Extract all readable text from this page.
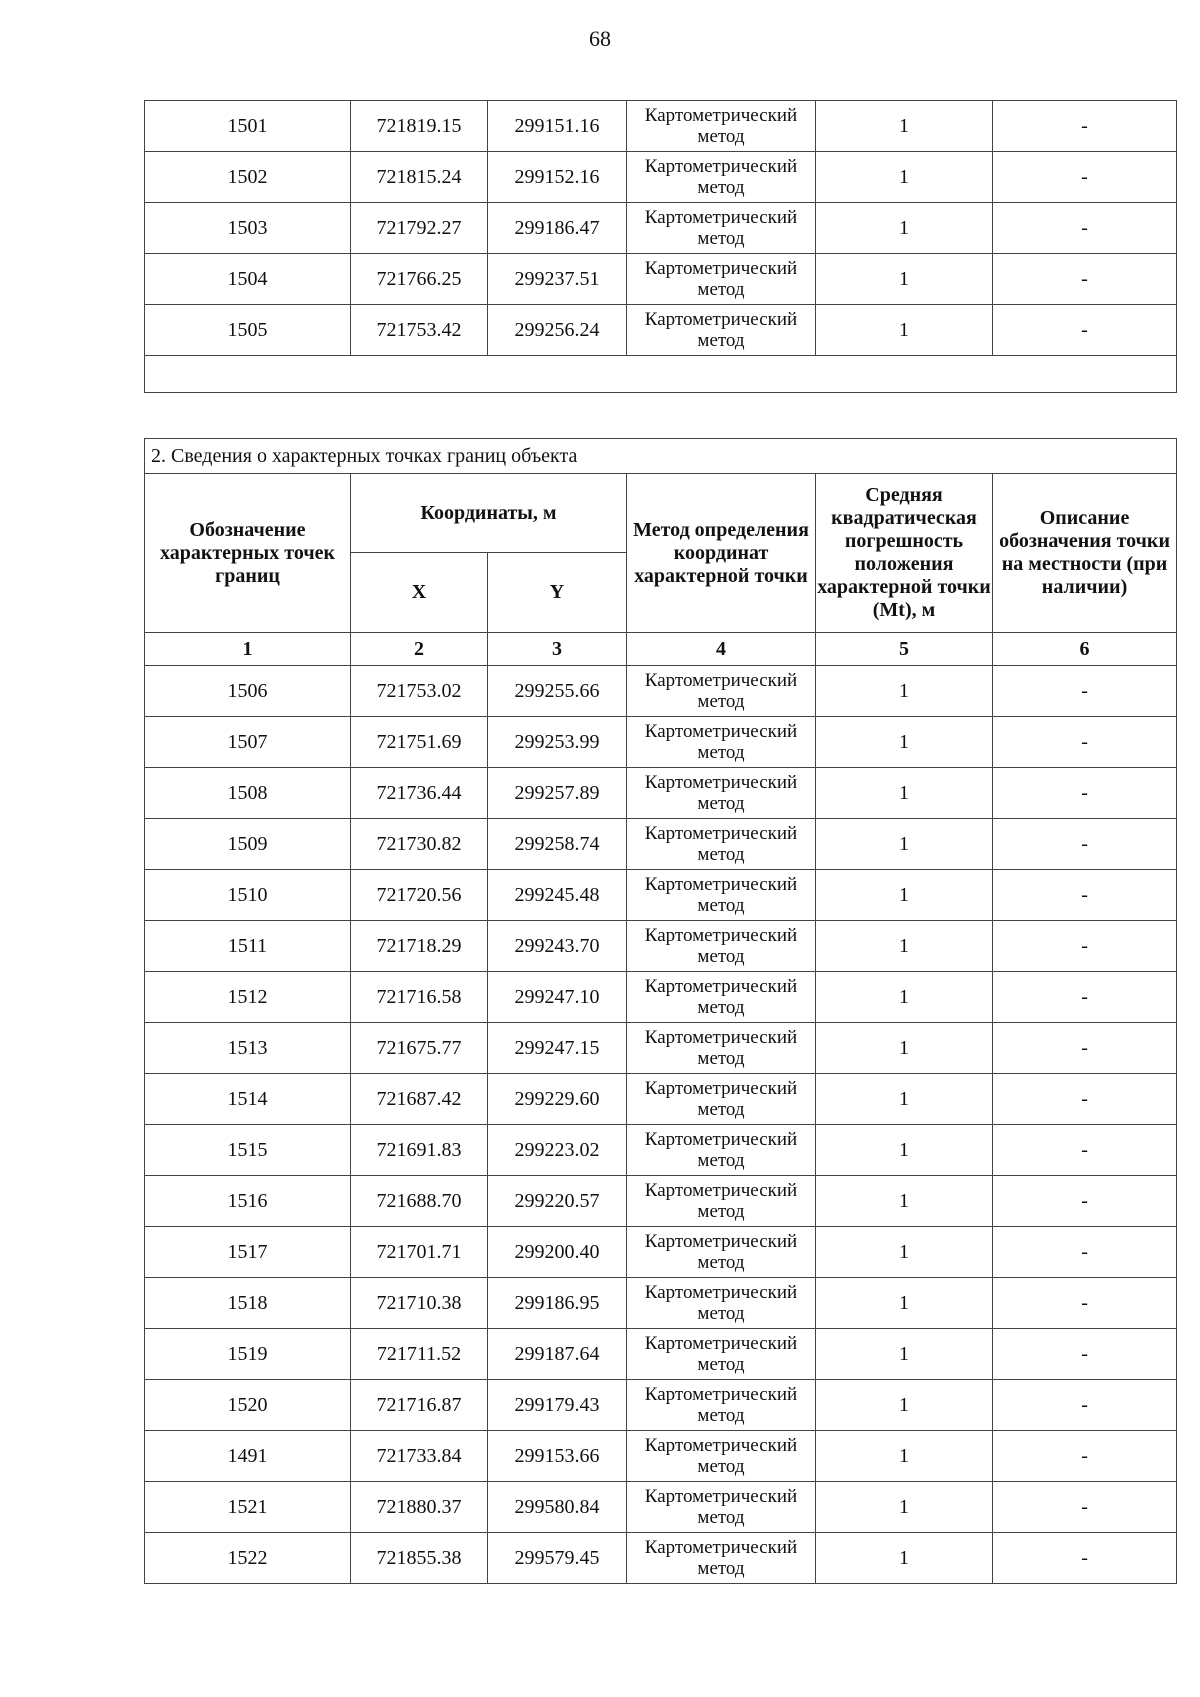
68
1501	721819.15	299151.16	Картометрический метод	1	-
1502	721815.24	299152.16	Картометрический метод	1	-
1503	721792.27	299186.47	Картометрический метод	1	-
1504	721766.25	299237.51	Картометрический метод	1	-
1505	721753.42	299256.24	Картометрический метод	1	-

2. Сведения о характерных точках границ объекта					
Обозначение характерных точек границ	Координаты, м		Метод определения координат характерной точки	Средняя квадратическая погрешность положения характерной точки (Mt), м	Описание обозначения точки на местности (при наличии)
	X	Y			
1	2	3	4	5	6
1506	721753.02	299255.66	Картометрический метод	1	-
1507	721751.69	299253.99	Картометрический метод	1	-
1508	721736.44	299257.89	Картометрический метод	1	-
1509	721730.82	299258.74	Картометрический метод	1	-
1510	721720.56	299245.48	Картометрический метод	1	-
1511	721718.29	299243.70	Картометрический метод	1	-
1512	721716.58	299247.10	Картометрический метод	1	-
1513	721675.77	299247.15	Картометрический метод	1	-
1514	721687.42	299229.60	Картометрический метод	1	-
1515	721691.83	299223.02	Картометрический метод	1	-
1516	721688.70	299220.57	Картометрический метод	1	-
1517	721701.71	299200.40	Картометрический метод	1	-
1518	721710.38	299186.95	Картометрический метод	1	-
1519	721711.52	299187.64	Картометрический метод	1	-
1520	721716.87	299179.43	Картометрический метод	1	-
1491	721733.84	299153.66	Картометрический метод	1	-
1521	721880.37	299580.84	Картометрический метод	1	-
1522	721855.38	299579.45	Картометрический метод	1	-
